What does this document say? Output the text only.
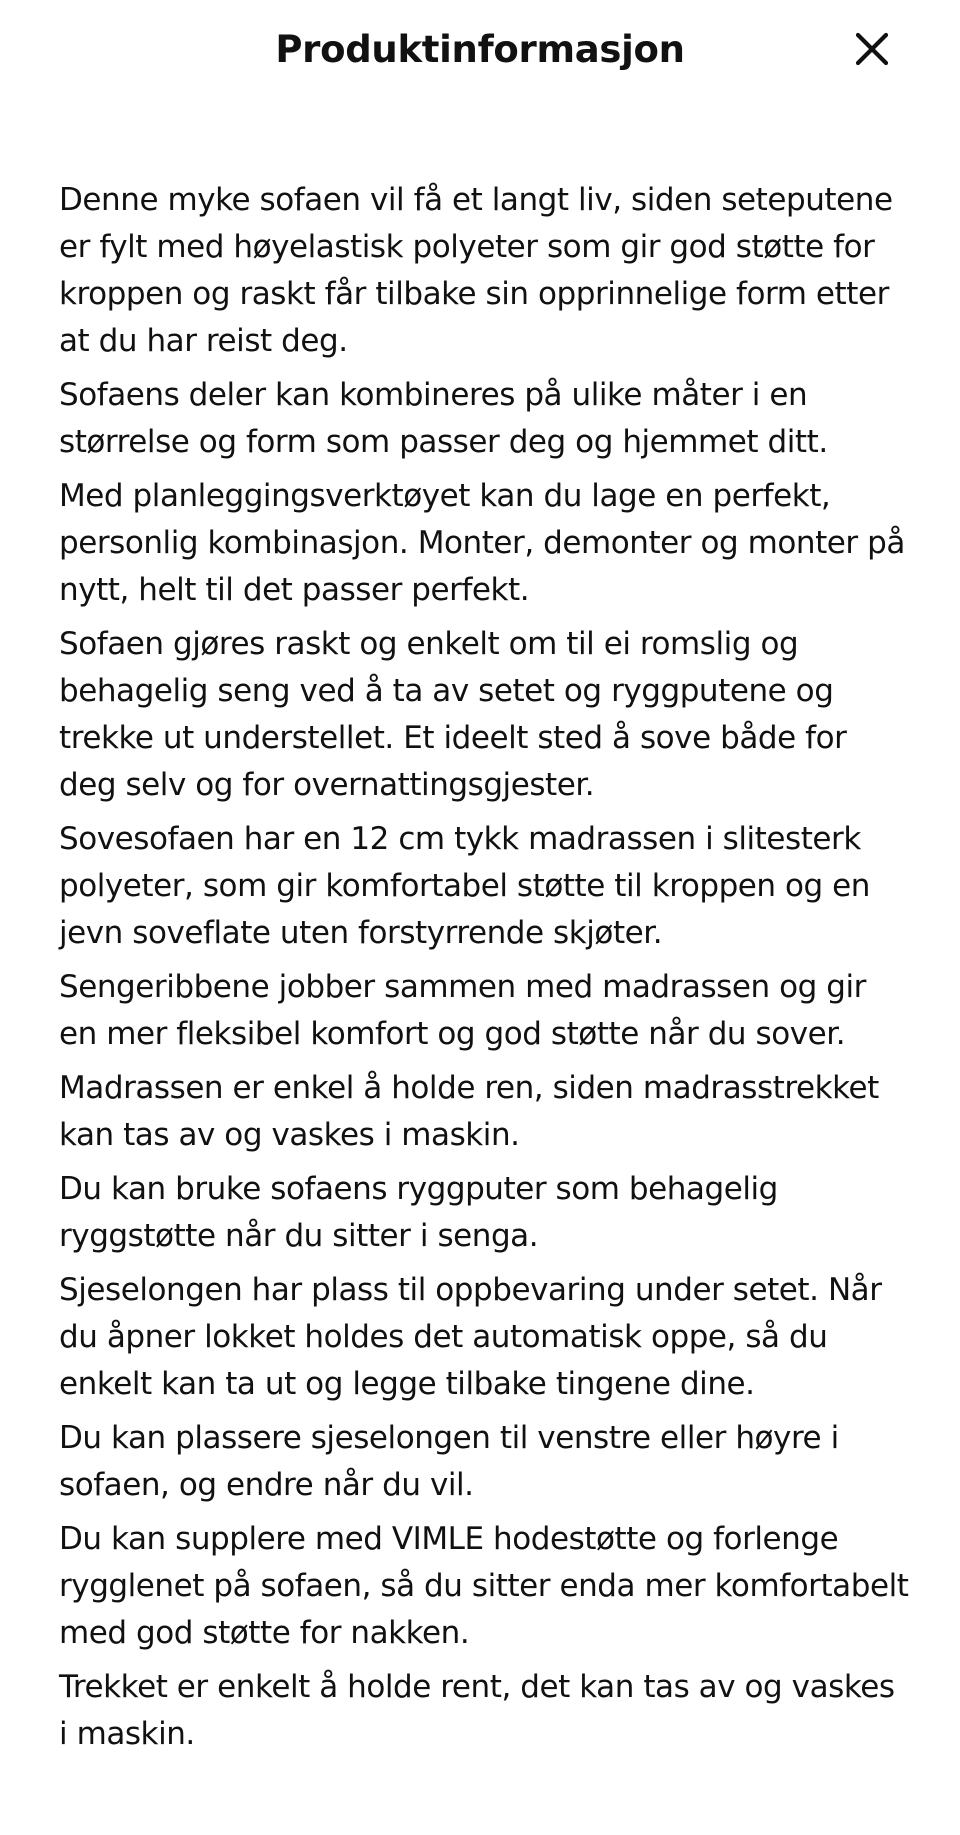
Produktinformasjon

Denne myke sofaen vil få et langt liv, siden seteputene er fylt med høyelastisk polyeter som gir god støtte for kroppen og raskt får tilbake sin opprinnelige form etter at du har reist deg.

Sofaens deler kan kombineres på ulike måter i en størrelse og form som passer deg og hjemmet ditt.

Med planleggingsverktøyet kan du lage en perfekt, personlig kombinasjon. Monter, demonter og monter på nytt, helt til det passer perfekt.

Sofaen gjøres raskt og enkelt om til ei romslig og behagelig seng ved å ta av setet og ryggputene og trekke ut understellet. Et ideelt sted å sove både for deg selv og for overnattingsgjester.

Sovesofaen har en 12 cm tykk madrassen i slitesterk polyeter, som gir komfortabel støtte til kroppen og en jevn soveflate uten forstyrrende skjøter.

Sengeribbene jobber sammen med madrassen og gir en mer fleksibel komfort og god støtte når du sover.

Madrassen er enkel å holde ren, siden madrasstrekket kan tas av og vaskes i maskin.

Du kan bruke sofaens ryggputer som behagelig ryggstøtte når du sitter i senga.

Sjeselongen har plass til oppbevaring under setet. Når du åpner lokket holdes det automatisk oppe, så du enkelt kan ta ut og legge tilbake tingene dine.

Du kan plassere sjeselongen til venstre eller høyre i sofaen, og endre når du vil.

Du kan supplere med VIMLE hodestøtte og forlenge rygglenet på sofaen, så du sitter enda mer komfortabelt med god støtte for nakken.

Trekket er enkelt å holde rent, det kan tas av og vaskes i maskin.
